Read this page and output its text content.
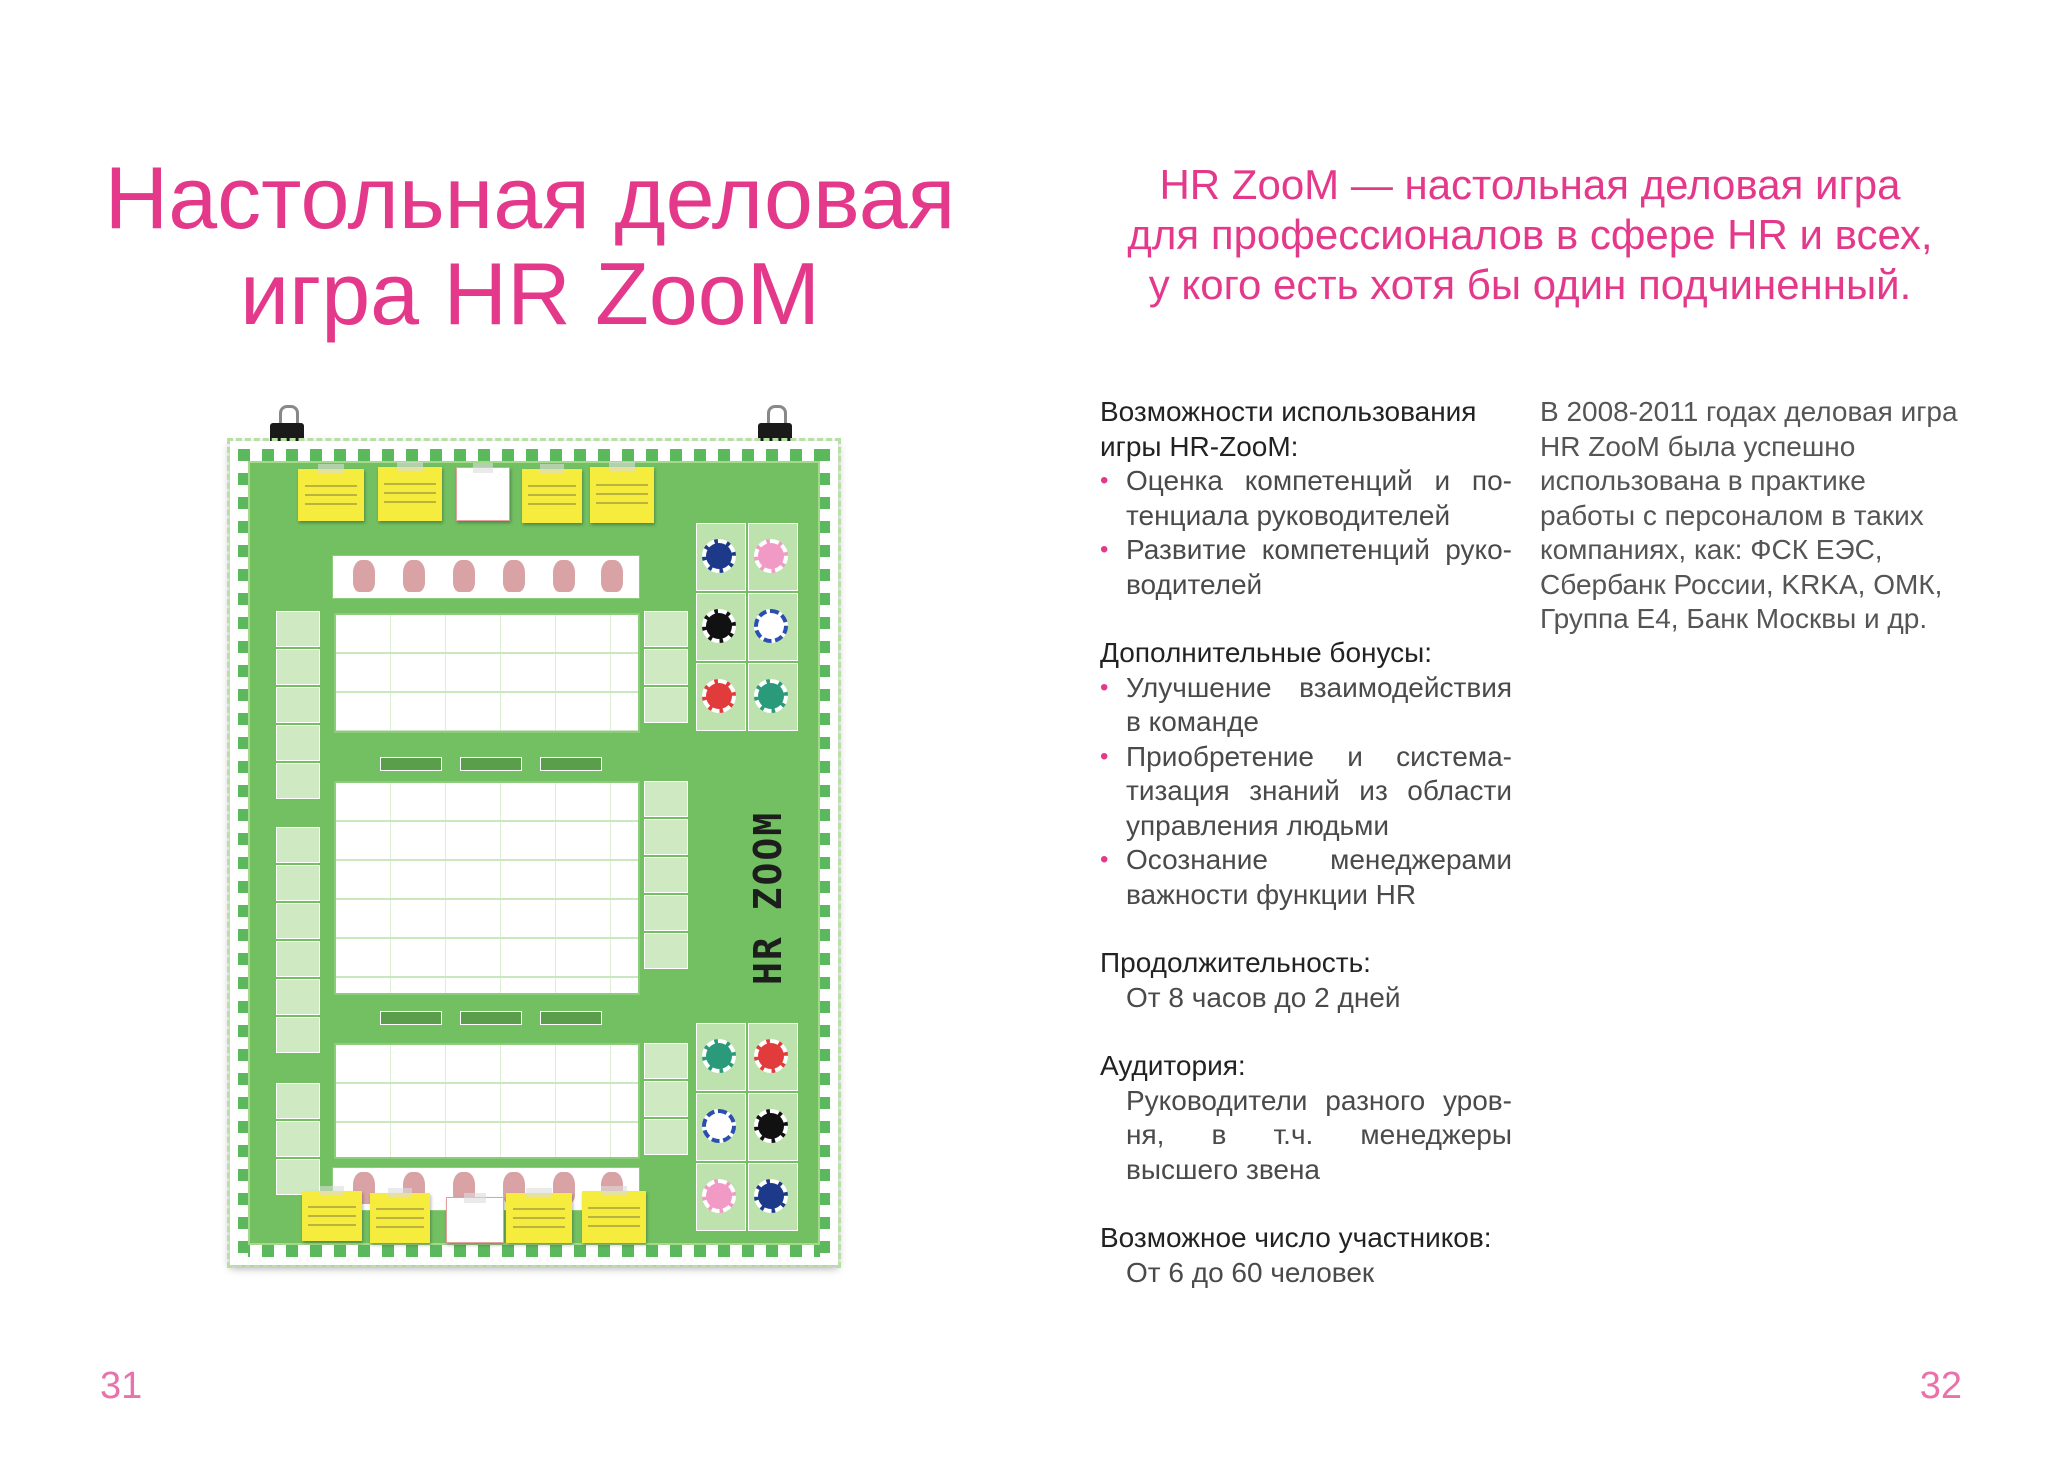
Настольная деловая
игра HR ZooM
HR ZOOM
31
HR ZooM — настольная деловая игра
для профессионалов в сфере HR и всех,
у кого есть хотя бы один подчиненный.

Возможности использования игры HR-ZooM:

• Оценка компетенций и по-тенциала руководителей
• Развитие компетенций руко-водителей

Дополнительные бонусы:

• Улучшение взаимодействия в команде
• Приобретение и система-тизация знаний из области управления людьми
• Осознание менеджерами важности функции HR

Продолжительность:

От 8 часов до 2 дней

Аудитория:

Руководители разного уров-ня, в т.ч. менеджеры высшего звена

Возможное число участников:

От 6 до 60 человек

В 2008-2011 годах деловая игра HR ZooM была успешно использована в практике работы с персоналом в таких компаниях, как: ФСК ЕЭС, Сбербанк России, KRKA, ОМК, Группа Е4, Банк Москвы и др.

32
